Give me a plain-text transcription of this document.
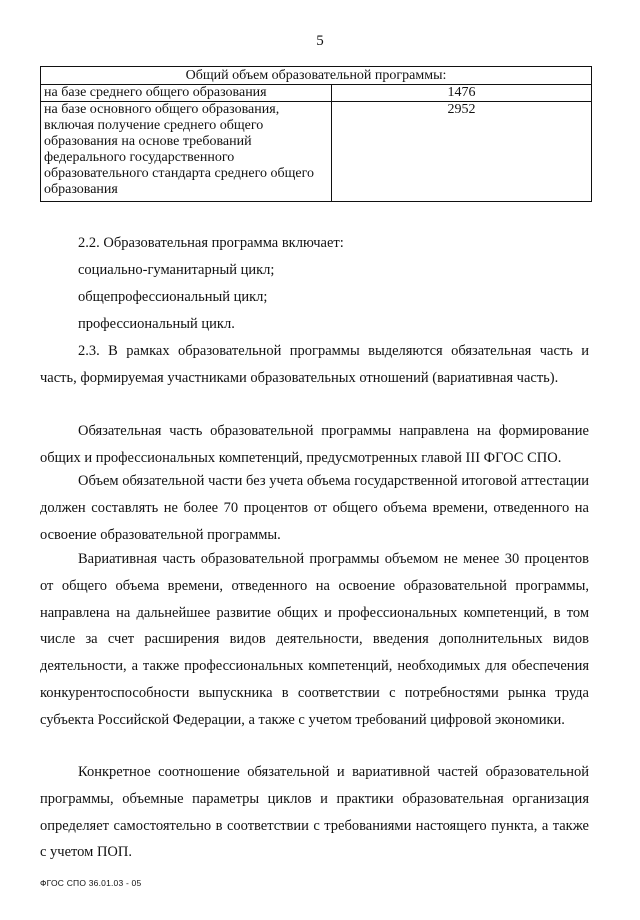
5
Общий объем образовательной программы:	
на базе среднего общего образования	1476
на базе основного общего образования, включая получение среднего общего образования на основе требований федерального государственного образовательного стандарта среднего общего образования	2952

2.2. Образовательная программа включает:

социально-гуманитарный цикл;

общепрофессиональный цикл;

профессиональный цикл.

2.3. В рамках образовательной программы выделяются обязательная часть и часть, формируемая участниками образовательных отношений (вариативная часть).

Обязательная часть образовательной программы направлена на формирование общих и профессиональных компетенций, предусмотренных главой III ФГОС СПО.

Объем обязательной части без учета объема государственной итоговой аттестации должен составлять не более 70 процентов от общего объема времени, отведенного на освоение образовательной программы.

Вариативная часть образовательной программы объемом не менее 30 процентов от общего объема времени, отведенного на освоение образовательной программы, направлена на дальнейшее развитие общих и профессиональных компетенций, в том числе за счет расширения видов деятельности, введения дополнительных видов деятельности, а также профессиональных компетенций, необходимых для обеспечения конкурентоспособности выпускника в соответствии с потребностями рынка труда субъекта Российской Федерации, а также с учетом требований цифровой экономики.

Конкретное соотношение обязательной и вариативной частей образовательной программы, объемные параметры циклов и практики образовательная организация определяет самостоятельно в соответствии с требованиями настоящего пункта, а также с учетом ПОП.

ФГОС СПО 36.01.03 - 05
